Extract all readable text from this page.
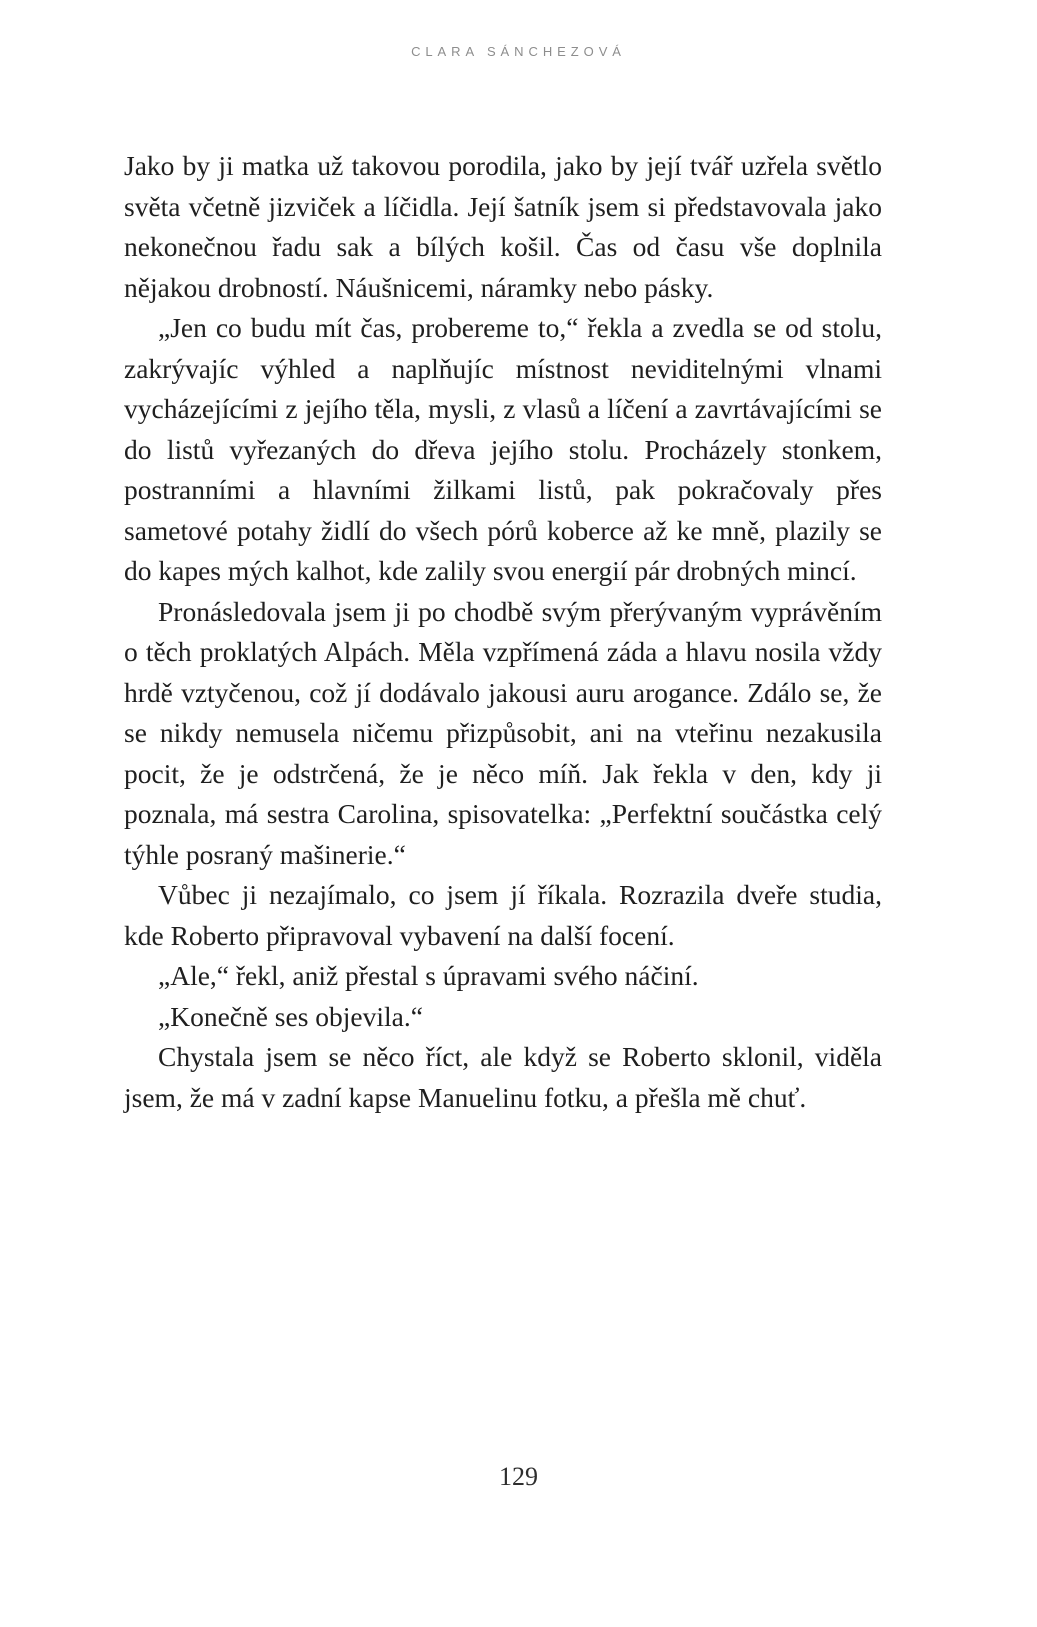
CLARA SÁNCHEZOVÁ

Jako by ji matka už takovou porodila, jako by její tvář uzřela světlo světa včetně jizviček a líčidla. Její šatník jsem si představovala jako nekonečnou řadu sak a bílých košil. Čas od času vše doplnila nějakou drobností. Náušnicemi, náramky nebo pásky.

„Jen co budu mít čas, probereme to,“ řekla a zvedla se od stolu, zakrývajíc výhled a naplňujíc místnost neviditelnými vlnami vycházejícími z jejího těla, mysli, z vlasů a líčení a zavrtávajícími se do listů vyřezaných do dřeva jejího stolu. Procházely stonkem, postranními a hlavními žilkami listů, pak pokračovaly přes sametové potahy židlí do všech pórů koberce až ke mně, plazily se do kapes mých kalhot, kde zalily svou energií pár drobných mincí.

Pronásledovala jsem ji po chodbě svým přerývaným vyprávěním o těch proklatých Alpách. Měla vzpřímená záda a hlavu nosila vždy hrdě vztyčenou, což jí dodávalo jakousi auru arogance. Zdálo se, že se nikdy nemusela ničemu přizpůsobit, ani na vteřinu nezakusila pocit, že je odstrčená, že je něco míň. Jak řekla v den, kdy ji poznala, má sestra Carolina, spisovatelka: „Perfektní součástka celý týhle posraný mašinerie.“

Vůbec ji nezajímalo, co jsem jí říkala. Rozrazila dveře studia, kde Roberto připravoval vybavení na další focení.

„Ale,“ řekl, aniž přestal s úpravami svého náčiní.

„Konečně ses objevila.“

Chystala jsem se něco říct, ale když se Roberto sklonil, viděla jsem, že má v zadní kapse Manuelinu fotku, a přešla mě chuť.

129
